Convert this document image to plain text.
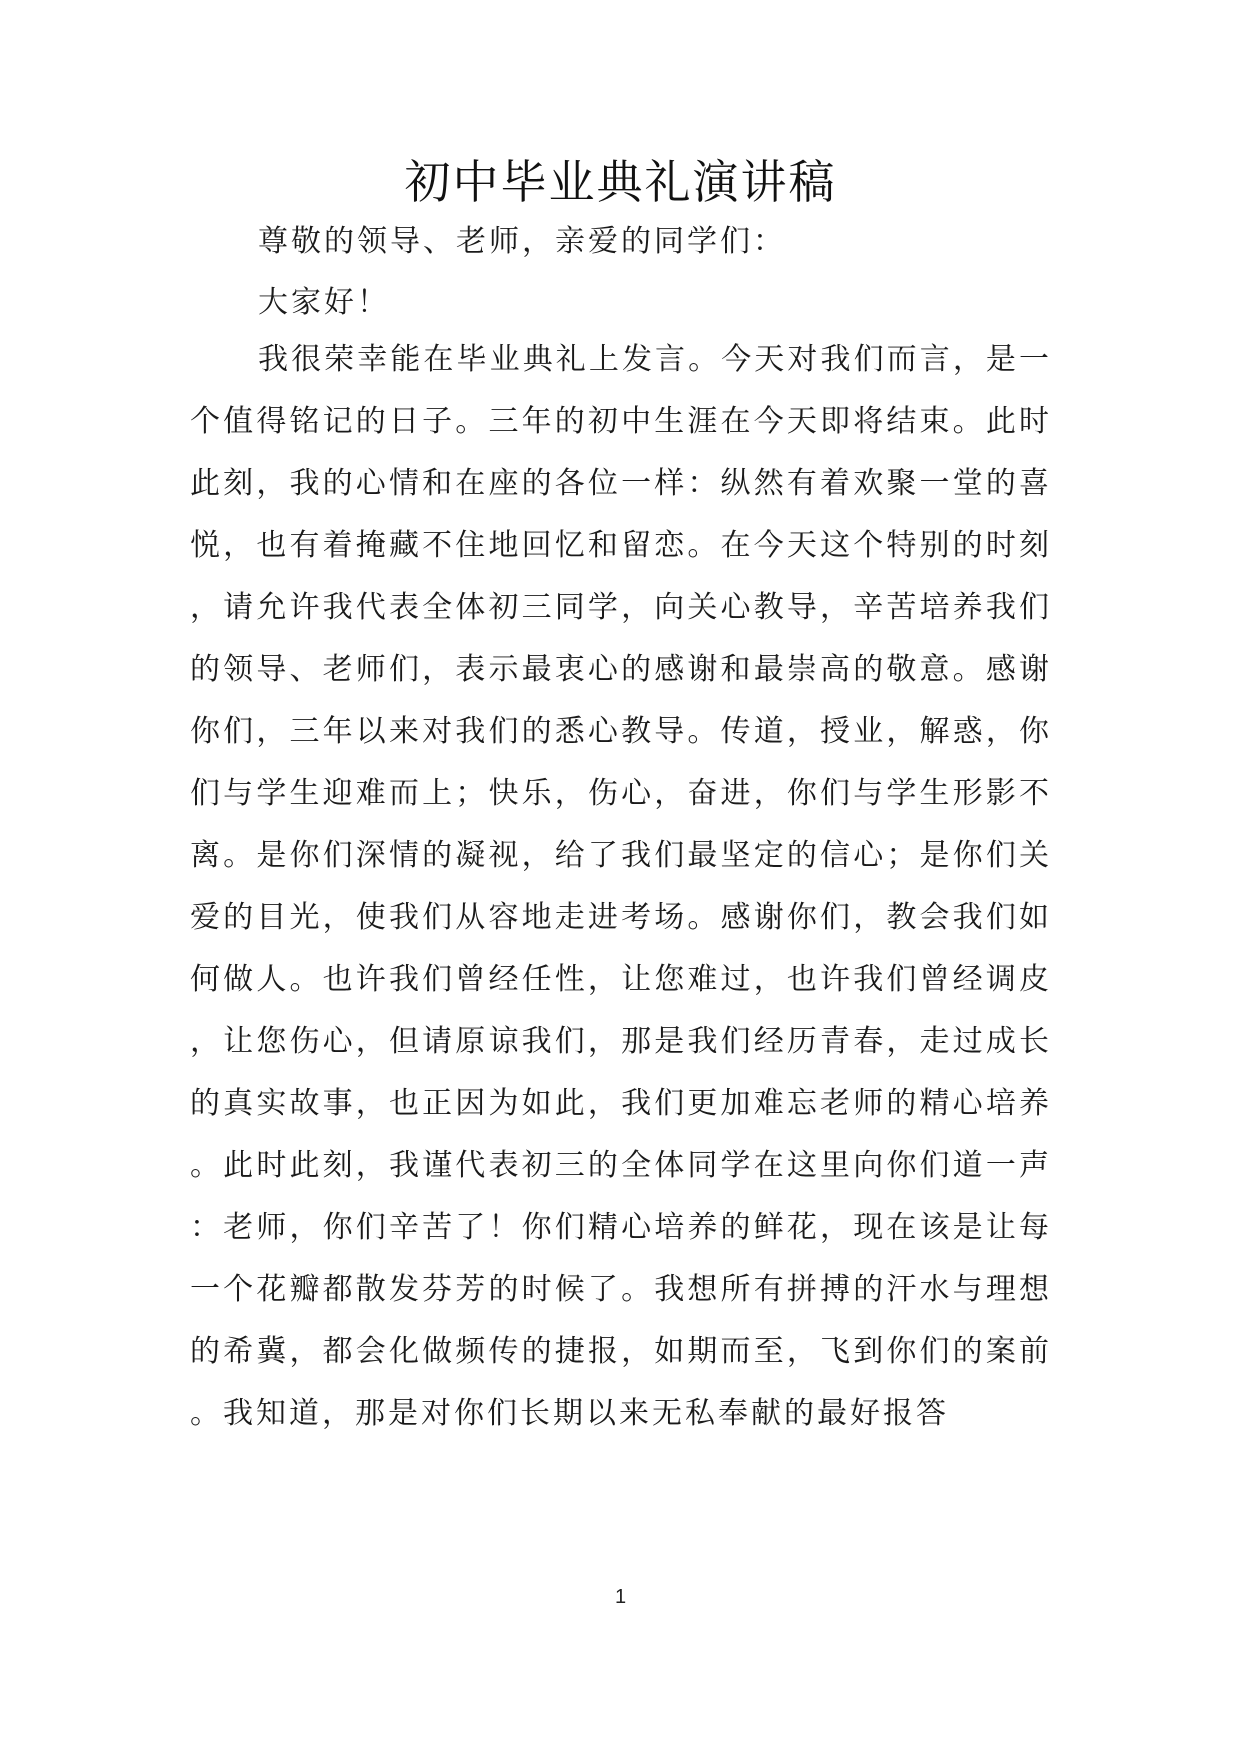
初中毕业典礼演讲稿
尊敬的领导、老师，亲爱的同学们：
大家好！
我很荣幸能在毕业典礼上发言。今天对我们而言，是一
个值得铭记的日子。三年的初中生涯在今天即将结束。此时
此刻，我的心情和在座的各位一样：纵然有着欢聚一堂的喜
悦，也有着掩藏不住地回忆和留恋。在今天这个特别的时刻
，请允许我代表全体初三同学，向关心教导，辛苦培养我们
的领导、老师们，表示最衷心的感谢和最崇高的敬意。感谢
你们，三年以来对我们的悉心教导。传道，授业，解惑，你
们与学生迎难而上；快乐，伤心，奋进，你们与学生形影不
离。是你们深情的凝视，给了我们最坚定的信心；是你们关
爱的目光，使我们从容地走进考场。感谢你们，教会我们如
何做人。也许我们曾经任性，让您难过，也许我们曾经调皮
，让您伤心，但请原谅我们，那是我们经历青春，走过成长
的真实故事，也正因为如此，我们更加难忘老师的精心培养
。此时此刻，我谨代表初三的全体同学在这里向你们道一声
：老师，你们辛苦了！你们精心培养的鲜花，现在该是让每
一个花瓣都散发芬芳的时候了。我想所有拼搏的汗水与理想
的希冀，都会化做频传的捷报，如期而至，飞到你们的案前
。我知道，那是对你们长期以来无私奉献的最好报答
1
